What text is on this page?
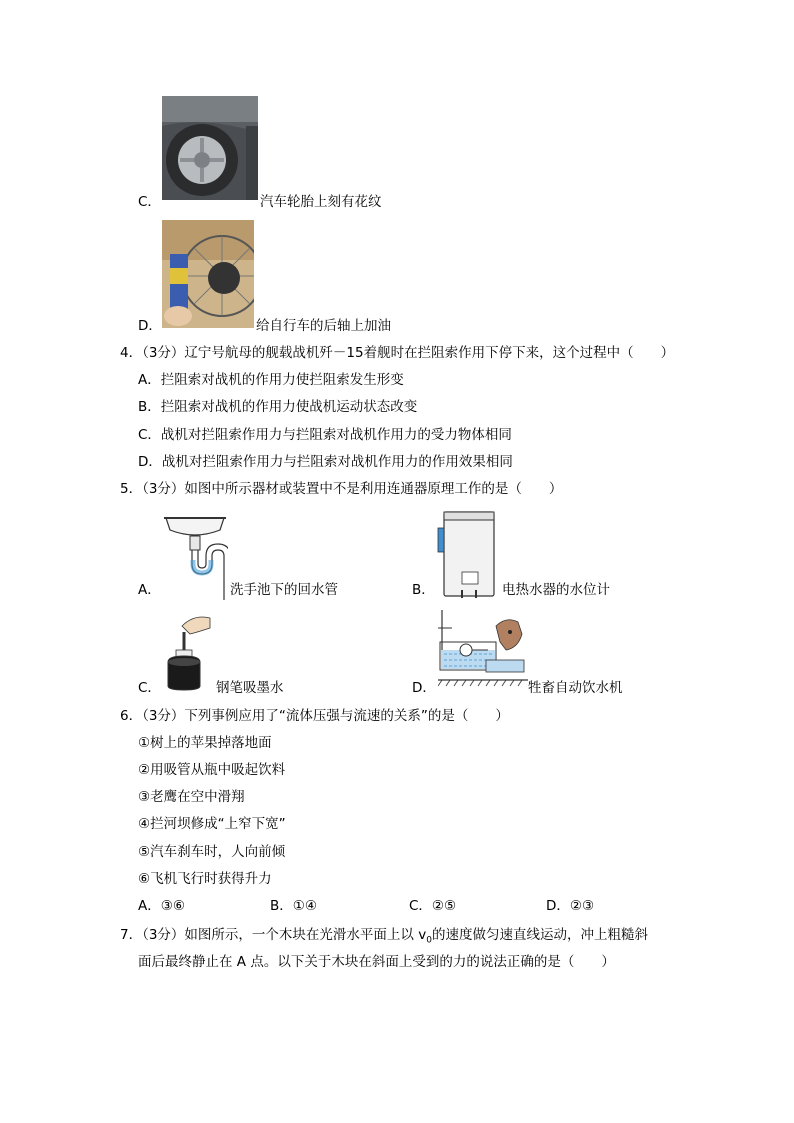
C．	汽车轮胎上刻有花纹
D．	给自行车的后轴上加油
4．（3分）辽宁号航母的舰载战机歼－15着舰时在拦阻索作用下停下来，这个过程中（　　）
A．拦阻索对战机的作用力使拦阻索发生形变
B．拦阻索对战机的作用力使战机运动状态改变
C．战机对拦阻索作用力与拦阻索对战机作用力的受力物体相同
D．战机对拦阻索作用力与拦阻索对战机作用力的作用效果相同
5．（3分）如图中所示器材或装置中不是利用连通器原理工作的是（　　）
A．	洗手池下的回水管	B．	电热水器的水位计
C．	钢笔吸墨水	D．	牲畜自动饮水机
6．（3分）下列事例应用了“流体压强与流速的关系”的是（　　）
①树上的苹果掉落地面
②用吸管从瓶中吸起饮料
③老鹰在空中滑翔
④拦河坝修成“上窄下宽”
⑤汽车刹车时，人向前倾
⑥飞机飞行时获得升力
A．③⑥	B．①④	C．②⑤	D．②③
7．（3分）如图所示，一个木块在光滑水平面上以 $v_0$的速度做匀速直线运动，冲上粗糙斜
面后最终静止在 A 点。以下关于木块在斜面上受到的力的说法正确的是（　　）
